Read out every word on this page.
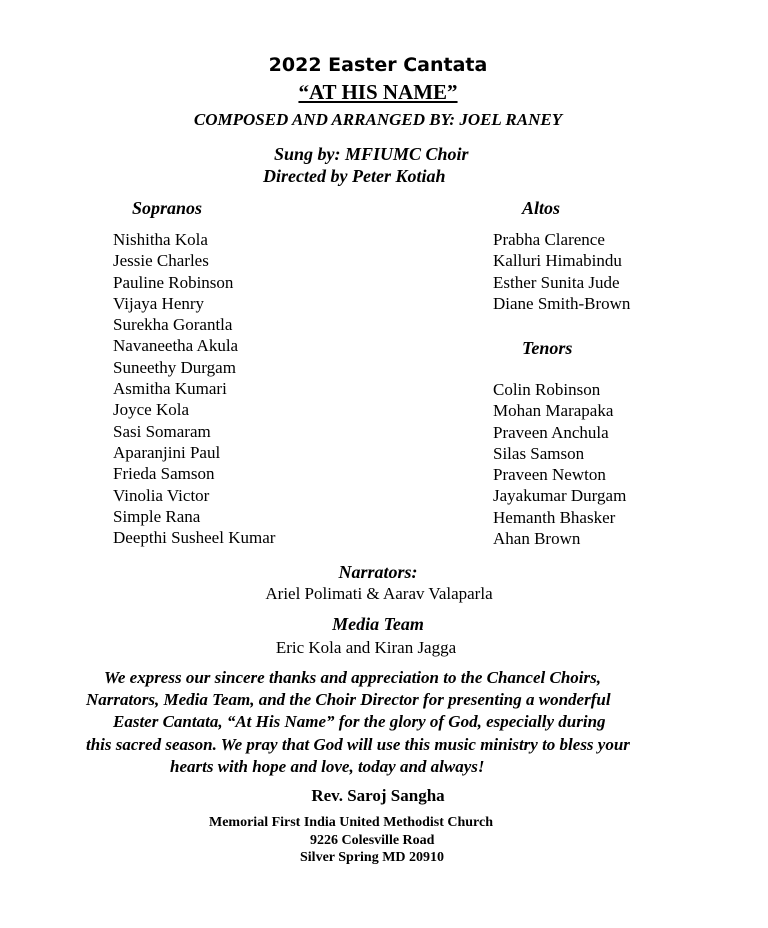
2022 Easter Cantata
“AT HIS NAME”
COMPOSED AND ARRANGED BY: JOEL RANEY
Sung by: MFIUMC Choir
Directed by Peter Kotiah
Sopranos	Altos
Tenors
Nishitha Kola
Jessie Charles
Pauline Robinson
Vijaya Henry
Surekha Gorantla
Navaneetha Akula
Suneethy Durgam
Asmitha Kumari
Joyce Kola
Sasi Somaram
Aparanjini Paul
Frieda Samson
Vinolia Victor
Simple Rana
Deepthi Susheel Kumar
Prabha Clarence
Kalluri Himabindu
Esther Sunita Jude
Diane Smith-Brown
Colin Robinson
Mohan Marapaka
Praveen Anchula
Silas Samson
Praveen Newton
Jayakumar Durgam
Hemanth Bhasker
Ahan Brown
Narrators:
Ariel Polimati & Aarav Valaparla
Media Team
Eric Kola and Kiran Jagga
We express our sincere thanks and appreciation to the Chancel Choirs,
Narrators, Media Team, and the Choir Director for presenting a wonderful
Easter Cantata, “At His Name” for the glory of God, especially during
this sacred season. We pray that God will use this music ministry to bless your
hearts with hope and love, today and always!
Rev. Saroj Sangha
Memorial First India United Methodist Church
9226 Colesville Road
Silver Spring MD 20910
